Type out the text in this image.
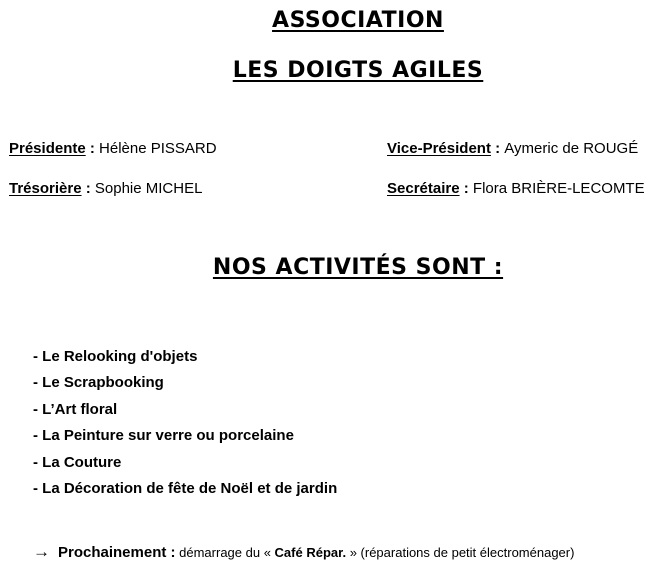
ASSOCIATION
LES DOIGTS AGILES
Présidente : Hélène PISSARD	Vice-Président : Aymeric de ROUGÉ
Trésorière : Sophie MICHEL	Secrétaire : Flora BRIÈRE-LECOMTE
NOS ACTIVITÉS SONT :
- Le Relooking d'objets
- Le Scrapbooking
- L’Art floral
- La Peinture sur verre ou porcelaine
- La Couture
- La Décoration de fête de Noël et de jardin
→ Prochainement : démarrage du « Café Répar. » (réparations de petit électroménager)
